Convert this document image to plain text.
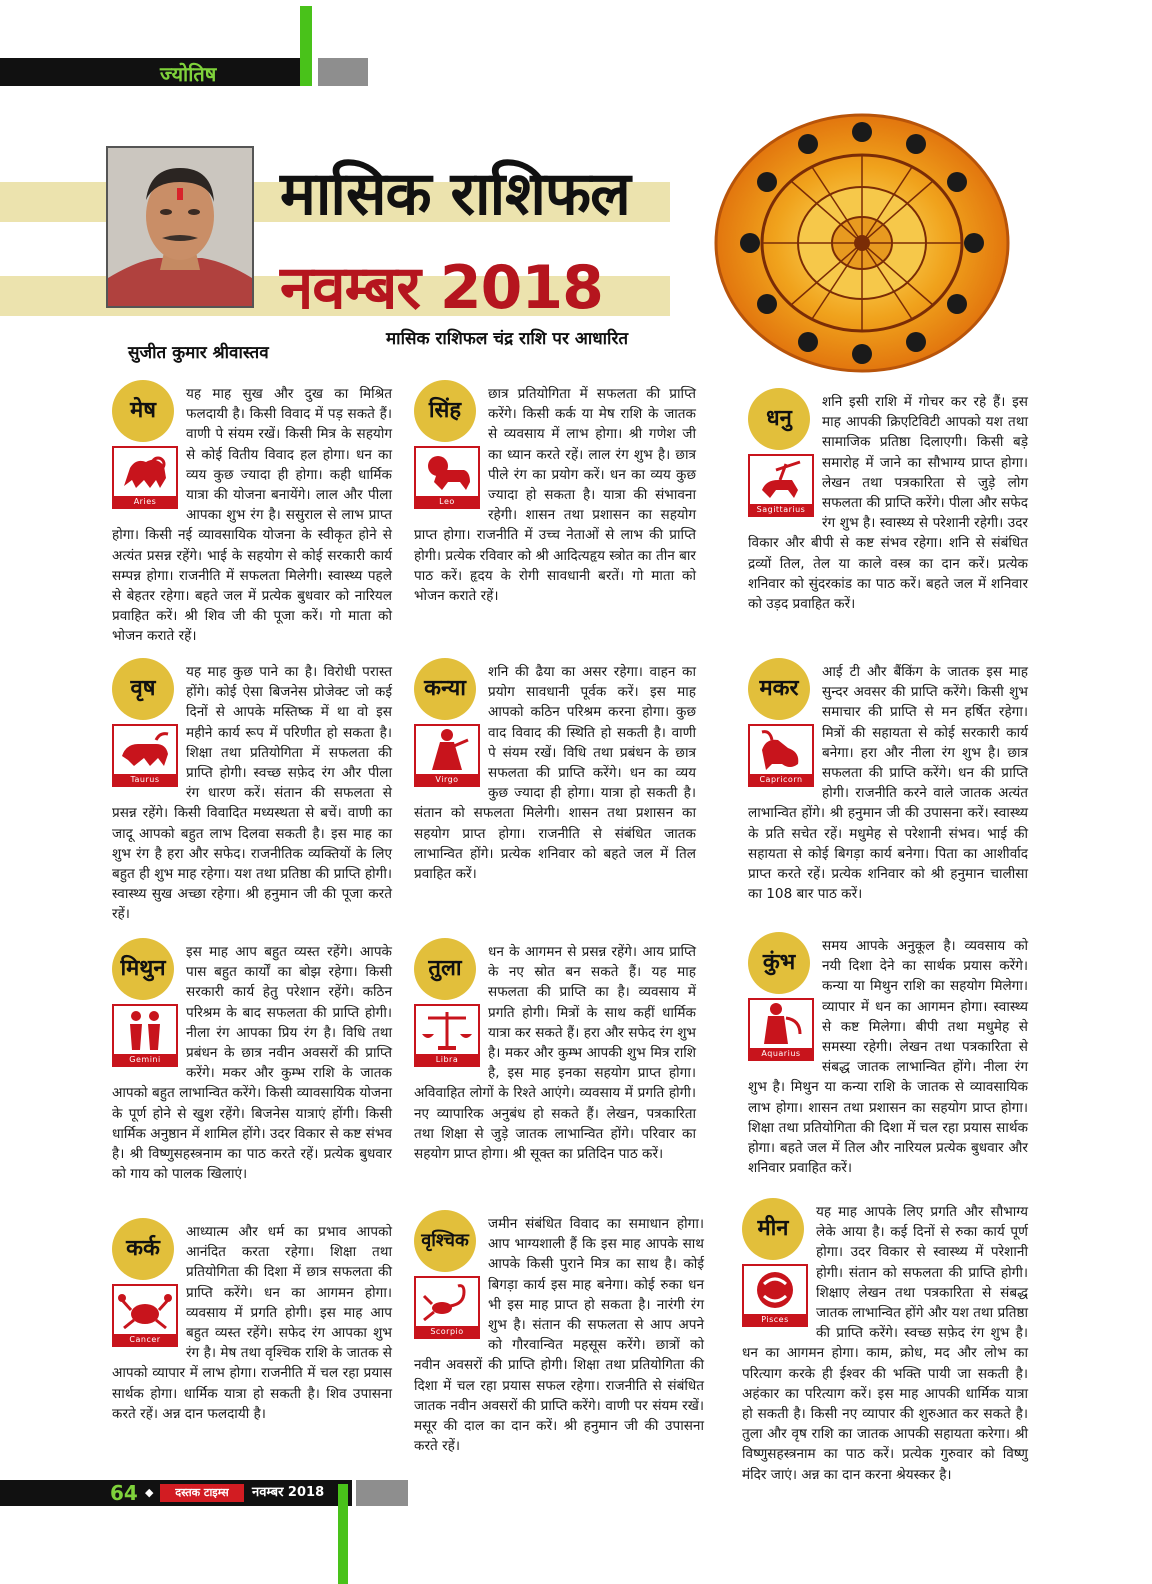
ज्योतिष
मासिक राशिफल
नवम्बर 2018
मासिक राशिफल चंद्र राशि पर आधारित
सुजीत कुमार श्रीवास्तव
मेष
Aries
यह माह सुख और दुख का मिश्रित फलदायी है। किसी विवाद में पड़ सकते हैं। वाणी पे संयम रखें। किसी मित्र के सहयोग से कोई वितीय विवाद हल होगा। धन का व्यय कुछ ज्यादा ही होगा। कही धार्मिक यात्रा की योजना बनायेंगे। लाल और पीला आपका शुभ रंग है। ससुराल से लाभ प्राप्त होगा। किसी नई व्यावसायिक योजना के स्वीकृत होने से अत्यंत प्रसन्न रहेंगे। भाई के सहयोग से कोई सरकारी कार्य सम्पन्न होगा। राजनीति में सफलता मिलेगी। स्वास्थ्य पहले से बेहतर रहेगा। बहते जल में प्रत्येक बुधवार को नारियल प्रवाहित करें। श्री शिव जी की पूजा करें। गो माता को भोजन कराते रहें।
वृष
Taurus
यह माह कुछ पाने का है। विरोधी परास्त होंगे। कोई ऐसा बिजनेस प्रोजेक्ट जो कई दिनों से आपके मस्तिष्क में था वो इस महीने कार्य रूप में परिणीत हो सकता है। शिक्षा तथा प्रतियोगिता में सफलता की प्राप्ति होगी। स्वच्छ सफ़ेद रंग और पीला रंग धारण करें। संतान की सफलता से प्रसन्न रहेंगे। किसी विवादित मध्यस्थता से बचें। वाणी का जादू आपको बहुत लाभ दिलवा सकती है। इस माह का शुभ रंग है हरा और सफेद। राजनीतिक व्यक्तियों के लिए बहुत ही शुभ माह रहेगा। यश तथा प्रतिष्ठा की प्राप्ति होगी। स्वास्थ्य सुख अच्छा रहेगा। श्री हनुमान जी की पूजा करते रहें।
मिथुन
Gemini
इस माह आप बहुत व्यस्त रहेंगे। आपके पास बहुत कार्यों का बोझ रहेगा। किसी सरकारी कार्य हेतु परेशान रहेंगे। कठिन परिश्रम के बाद सफलता की प्राप्ति होगी। नीला रंग आपका प्रिय रंग है। विधि तथा प्रबंधन के छात्र नवीन अवसरों की प्राप्ति करेंगे। मकर और कुम्भ राशि के जातक आपको बहुत लाभान्वित करेंगे। किसी व्यावसायिक योजना के पूर्ण होने से खुश रहेंगे। बिजनेस यात्राएं होंगी। किसी धार्मिक अनुष्ठान में शामिल होंगे। उदर विकार से कष्ट संभव है। श्री विष्णुसहस्त्रनाम का पाठ करते रहें। प्रत्येक बुधवार को गाय को पालक खिलाएं।
कर्क
Cancer
आध्यात्म और धर्म का प्रभाव आपको आनंदित करता रहेगा। शिक्षा तथा प्रतियोगिता की दिशा में छात्र सफलता की प्राप्ति करेंगे। धन का आगमन होगा। व्यवसाय में प्रगति होगी। इस माह आप बहुत व्यस्त रहेंगे। सफेद रंग आपका शुभ रंग है। मेष तथा वृश्चिक राशि के जातक से आपको व्यापार में लाभ होगा। राजनीति में चल रहा प्रयास सार्थक होगा। धार्मिक यात्रा हो सकती है। शिव उपासना करते रहें। अन्न दान फलदायी है।
सिंह
Leo
छात्र प्रतियोगिता में सफलता की प्राप्ति करेंगे। किसी कर्क या मेष राशि के जातक से व्यवसाय में लाभ होगा। श्री गणेश जी का ध्यान करते रहें। लाल रंग शुभ है। छात्र पीले रंग का प्रयोग करें। धन का व्यय कुछ ज्यादा हो सकता है। यात्रा की संभावना रहेगी। शासन तथा प्रशासन का सहयोग प्राप्त होगा। राजनीति में उच्च नेताओं से लाभ की प्राप्ति होगी। प्रत्येक रविवार को श्री आदित्यहृय स्त्रोत का तीन बार पाठ करें। हृदय के रोगी सावधानी बरतें। गो माता को भोजन कराते रहें।
कन्या
Virgo
शनि की ढैया का असर रहेगा। वाहन का प्रयोग सावधानी पूर्वक करें। इस माह आपको कठिन परिश्रम करना होगा। कुछ वाद विवाद की स्थिति हो सकती है। वाणी पे संयम रखें। विधि तथा प्रबंधन के छात्र सफलता की प्राप्ति करेंगे। धन का व्यय कुछ ज्यादा ही होगा। यात्रा हो सकती है। संतान को सफलता मिलेगी। शासन तथा प्रशासन का सहयोग प्राप्त होगा। राजनीति से संबंधित जातक लाभान्वित होंगे। प्रत्येक शनिवार को बहते जल में तिल प्रवाहित करें।
तुला
Libra
धन के आगमन से प्रसन्न रहेंगे। आय प्राप्ति के नए स्रोत बन सकते हैं। यह माह सफलता की प्राप्ति का है। व्यवसाय में प्रगति होगी। मित्रों के साथ कहीं धार्मिक यात्रा कर सकते हैं। हरा और सफेद रंग शुभ है। मकर और कुम्भ आपकी शुभ मित्र राशि है, इस माह इनका सहयोग प्राप्त होगा। अविवाहित लोगों के रिश्ते आएंगे। व्यवसाय में प्रगति होगी। नए व्यापारिक अनुबंध हो सकते हैं। लेखन, पत्रकारिता तथा शिक्षा से जुड़े जातक लाभान्वित होंगे। परिवार का सहयोग प्राप्त होगा। श्री सूक्त का प्रतिदिन पाठ करें।
वृश्चिक
Scorpio
जमीन संबंधित विवाद का समाधान होगा। आप भाग्यशाली हैं कि इस माह आपके साथ आपके किसी पुराने मित्र का साथ है। कोई बिगड़ा कार्य इस माह बनेगा। कोई रुका धन भी इस माह प्राप्त हो सकता है। नारंगी रंग शुभ है। संतान की सफलता से आप अपने को गौरवान्वित महसूस करेंगे। छात्रों को नवीन अवसरों की प्राप्ति होगी। शिक्षा तथा प्रतियोगिता की दिशा में चल रहा प्रयास सफल रहेगा। राजनीति से संबंधित जातक नवीन अवसरों की प्राप्ति करेंगे। वाणी पर संयम रखें। मसूर की दाल का दान करें। श्री हनुमान जी की उपासना करते रहें।
धनु
Sagittarius
शनि इसी राशि में गोचर कर रहे हैं। इस माह आपकी क्रिएटिविटी आपको यश तथा सामाजिक प्रतिष्ठा दिलाएगी। किसी बड़े समारोह में जाने का सौभाग्य प्राप्त होगा। लेखन तथा पत्रकारिता से जुड़े लोग सफलता की प्राप्ति करेंगे। पीला और सफेद रंग शुभ है। स्वास्थ्य से परेशानी रहेगी। उदर विकार और बीपी से कष्ट संभव रहेगा। शनि से संबंधित द्रव्यों तिल, तेल या काले वस्त्र का दान करें। प्रत्येक शनिवार को सुंदरकांड का पाठ करें। बहते जल में शनिवार को उड़द प्रवाहित करें।
मकर
Capricorn
आई टी और बैंकिंग के जातक इस माह सुन्दर अवसर की प्राप्ति करेंगे। किसी शुभ समाचार की प्राप्ति से मन हर्षित रहेगा। मित्रों की सहायता से कोई सरकारी कार्य बनेगा। हरा और नीला रंग शुभ है। छात्र सफलता की प्राप्ति करेंगे। धन की प्राप्ति होगी। राजनीति करने वाले जातक अत्यंत लाभान्वित होंगे। श्री हनुमान जी की उपासना करें। स्वास्थ्य के प्रति सचेत रहें। मधुमेह से परेशानी संभव। भाई की सहायता से कोई बिगड़ा कार्य बनेगा। पिता का आशीर्वाद प्राप्त करते रहें। प्रत्येक शनिवार को श्री हनुमान चालीसा का 108 बार पाठ करें।
कुंभ
Aquarius
समय आपके अनुकूल है। व्यवसाय को नयी दिशा देने का सार्थक प्रयास करेंगे। कन्या या मिथुन राशि का सहयोग मिलेगा। व्यापार में धन का आगमन होगा। स्वास्थ्य से कष्ट मिलेगा। बीपी तथा मधुमेह से समस्या रहेगी। लेखन तथा पत्रकारिता से संबद्ध जातक लाभान्वित होंगे। नीला रंग शुभ है। मिथुन या कन्या राशि के जातक से व्यावसायिक लाभ होगा। शासन तथा प्रशासन का सहयोग प्राप्त होगा। शिक्षा तथा प्रतियोगिता की दिशा में चल रहा प्रयास सार्थक होगा। बहते जल में तिल और नारियल प्रत्येक बुधवार और शनिवार प्रवाहित करें।
मीन
Pisces
यह माह आपके लिए प्रगति और सौभाग्य लेके आया है। कई दिनों से रुका कार्य पूर्ण होगा। उदर विकार से स्वास्थ्य में परेशानी होगी। संतान को सफलता की प्राप्ति होगी। शिक्षाए लेखन तथा पत्रकारिता से संबद्ध जातक लाभान्वित होंगे और यश तथा प्रतिष्ठा की प्राप्ति करेंगे। स्वच्छ सफ़ेद रंग शुभ है। धन का आगमन होगा। काम, क्रोध, मद और लोभ का परित्याग करके ही ईश्वर की भक्ति पायी जा सकती है। अहंकार का परित्याग करें। इस माह आपकी धार्मिक यात्रा हो सकती है। किसी नए व्यापार की शुरुआत कर सकते है। तुला और वृष राशि का जातक आपकी सहायता करेगा। श्री विष्णुसहस्त्रनाम का पाठ करें। प्रत्येक गुरुवार को विष्णु मंदिर जाएं। अन्न का दान करना श्रेयस्कर है।
64 ◆	दस्तक टाइम्स	नवम्बर 2018
